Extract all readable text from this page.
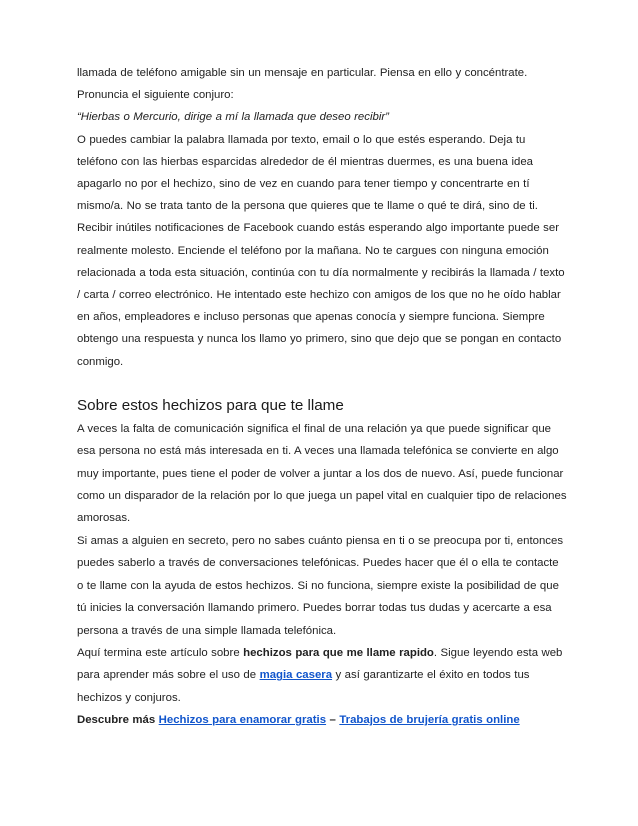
llamada de teléfono amigable sin un mensaje en particular. Piensa en ello y concéntrate.

Pronuncia el siguiente conjuro:

“Hierbas o Mercurio, dirige a mí la llamada que deseo recibir”

O puedes cambiar la palabra llamada por texto, email o lo que estés esperando. Deja tu

teléfono con las hierbas esparcidas alrededor de él mientras duermes, es una buena idea

apagarlo no por el hechizo, sino de vez en cuando para tener tiempo y concentrarte en tí

mismo/a. No se trata tanto de la persona que quieres que te llame o qué te dirá, sino de ti.

Recibir inútiles notificaciones de Facebook cuando estás esperando algo importante puede ser

realmente molesto. Enciende el teléfono por la mañana. No te cargues con ninguna emoción

relacionada a toda esta situación, continúa con tu día normalmente y recibirás la llamada / texto

/ carta / correo electrónico. He intentado este hechizo con amigos de los que no he oído hablar

en años, empleadores e incluso personas que apenas conocía y siempre funciona. Siempre

obtengo una respuesta y nunca los llamo yo primero, sino que dejo que se pongan en contacto

conmigo.

Sobre estos hechizos para que te llame

A veces la falta de comunicación significa el final de una relación ya que puede significar que

esa persona no está más interesada en ti. A veces una llamada telefónica se convierte en algo

muy importante, pues tiene el poder de volver a juntar a los dos de nuevo. Así, puede funcionar

como un disparador de la relación por lo que juega un papel vital en cualquier tipo de relaciones

amorosas.

Si amas a alguien en secreto, pero no sabes cuánto piensa en ti o se preocupa por ti, entonces

puedes saberlo a través de conversaciones telefónicas. Puedes hacer que él o ella te contacte

o te llame con la ayuda de estos hechizos. Si no funciona, siempre existe la posibilidad de que

tú inicies la conversación llamando primero. Puedes borrar todas tus dudas y acercarte a esa

persona a través de una simple llamada telefónica.

Aquí termina este artículo sobre hechizos para que me llame rapido. Sigue leyendo esta web

para aprender más sobre el uso de magia casera y así garantizarte el éxito en todos tus

hechizos y conjuros.

Descubre más Hechizos para enamorar gratis – Trabajos de brujería gratis online
